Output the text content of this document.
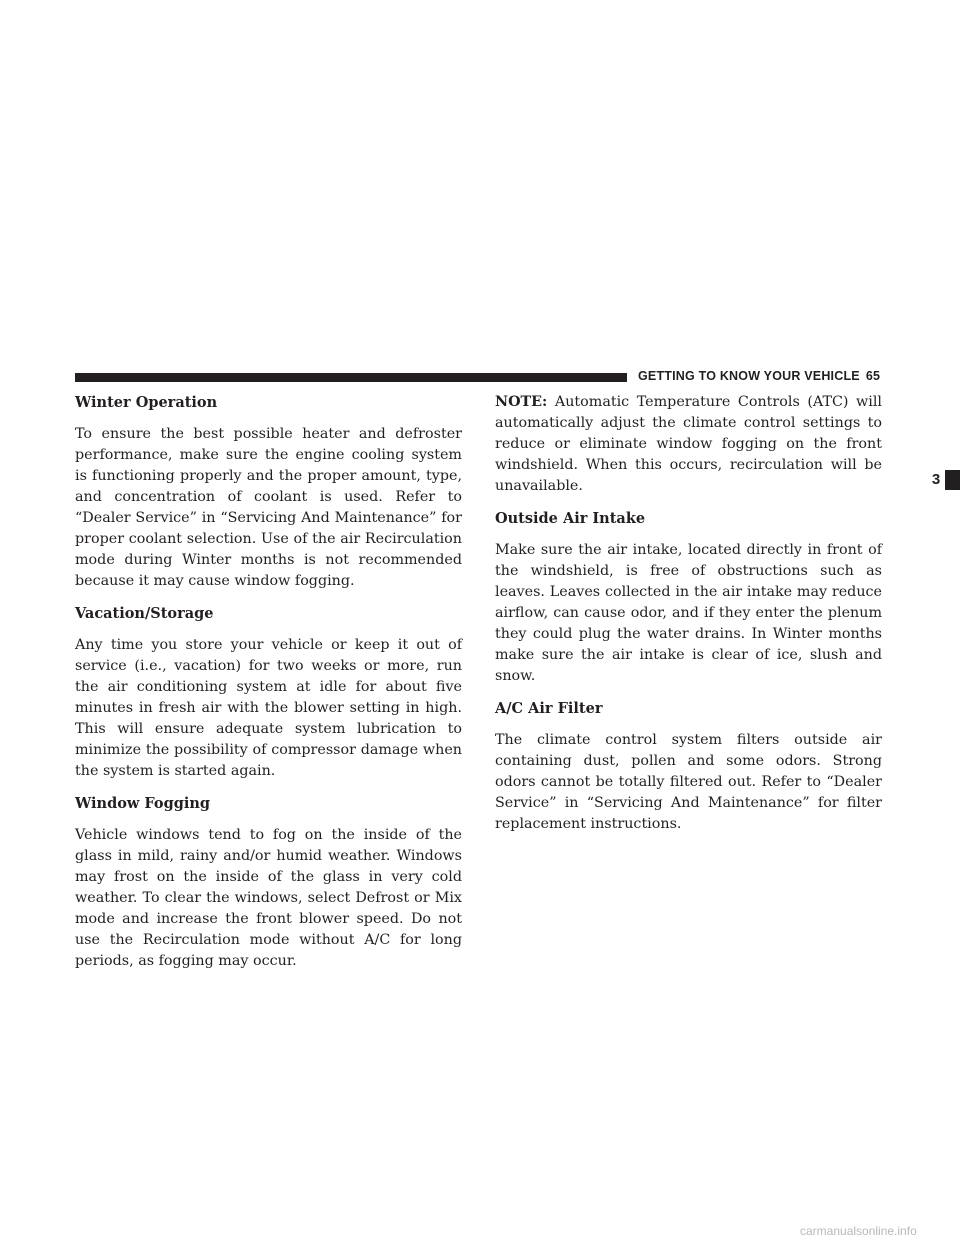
GETTING TO KNOW YOUR VEHICLE 65
Winter Operation

To ensure the best possible heater and defroster performance, make sure the engine cooling system is functioning properly and the proper amount, type, and concentration of coolant is used. Refer to “Dealer Service” in “Servicing And Maintenance” for proper coolant selection. Use of the air Recirculation mode during Winter months is not recommended because it may cause window fogging.

Vacation/Storage

Any time you store your vehicle or keep it out of service (i.e., vacation) for two weeks or more, run the air conditioning system at idle for about five minutes in fresh air with the blower setting in high. This will ensure adequate system lubrication to minimize the possibility of compressor damage when the system is started again.

Window Fogging

Vehicle windows tend to fog on the inside of the glass in mild, rainy and/or humid weather. Windows may frost on the inside of the glass in very cold weather. To clear the windows, select Defrost or Mix mode and increase the front blower speed. Do not use the Recirculation mode without A/C for long periods, as fogging may occur.

NOTE: Automatic Temperature Controls (ATC) will automatically adjust the climate control settings to reduce or eliminate window fogging on the front windshield. When this occurs, recirculation will be unavailable.

Outside Air Intake

Make sure the air intake, located directly in front of the windshield, is free of obstructions such as leaves. Leaves collected in the air intake may reduce airflow, can cause odor, and if they enter the plenum they could plug the water drains. In Winter months make sure the air intake is clear of ice, slush and snow.

A/C Air Filter

The climate control system filters outside air containing dust, pollen and some odors. Strong odors cannot be totally filtered out. Refer to “Dealer Service” in “Servicing And Maintenance” for filter replacement instructions.

3
carmanualsonline.info
